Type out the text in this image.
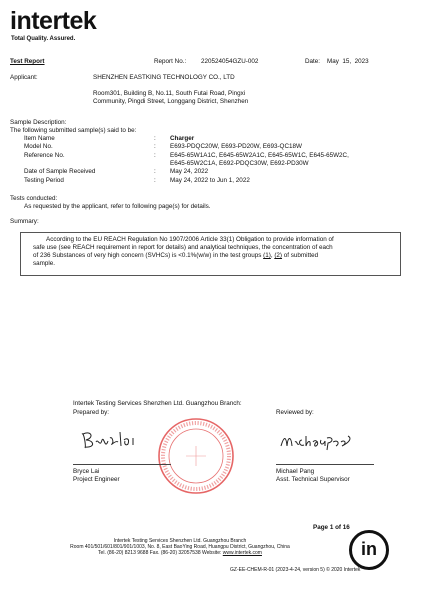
intertek
Total Quality. Assured.
Test Report	Report No.: 220524054GZU-002	Date: May  15,  2023
Applicant:	SHENZHEN EASTKING TECHNOLOGY CO., LTD
Room301, Building B, No.11, South Futai Road, Pingxi
Community, Pingdi Street, Longgang District, Shenzhen
Sample Description:
The following submitted sample(s) said to be:
Item Name	: Charger
Model No.	: E693-PDQC20W, E693-PD20W, E693-QC18W
Reference No.	: E645-65W1A1C, E645-65W2A1C, E645-65W1C, E645-65W2C,
E645-65W2C1A, E692-PDQC30W, E692-PD30W
Date of Sample Received	: May 24, 2022
Testing Period	: May 24, 2022 to Jun 1, 2022
Tests conducted:
As requested by the applicant, refer to following page(s) for details.
Summary:
According to the EU REACH Regulation No 1907/2006 Article 33(1) Obligation to provide information of
safe use (see REACH requirement in report for details) and analytical techniques, the concentration of each
of 236 Substances of very high concern (SVHCs) is <0.1%(w/w) in the test groups (1), (2) of submitted
sample.
Intertek Testing Services Shenzhen Ltd. Guangzhou Branch:
Prepared by:	Reviewed by:
Bryce Lai
Project Engineer
Michael Pang
Asst. Technical Supervisor
Page 1 of 16
Intertek Testing Services Shenzhen Ltd. Guangzhou Branch
Room 401/501/601/801/901/1003, No. 8, East BaoYing Road, Huangpu District, Guangzhou, China
Tel. (86-20) 8213 9688 Fax. (86-20) 32057538 Website: www.intertek.com
GZ-EE-CHEM-R-01 (2023-4-24, version 5) © 2020 Intertek
in
